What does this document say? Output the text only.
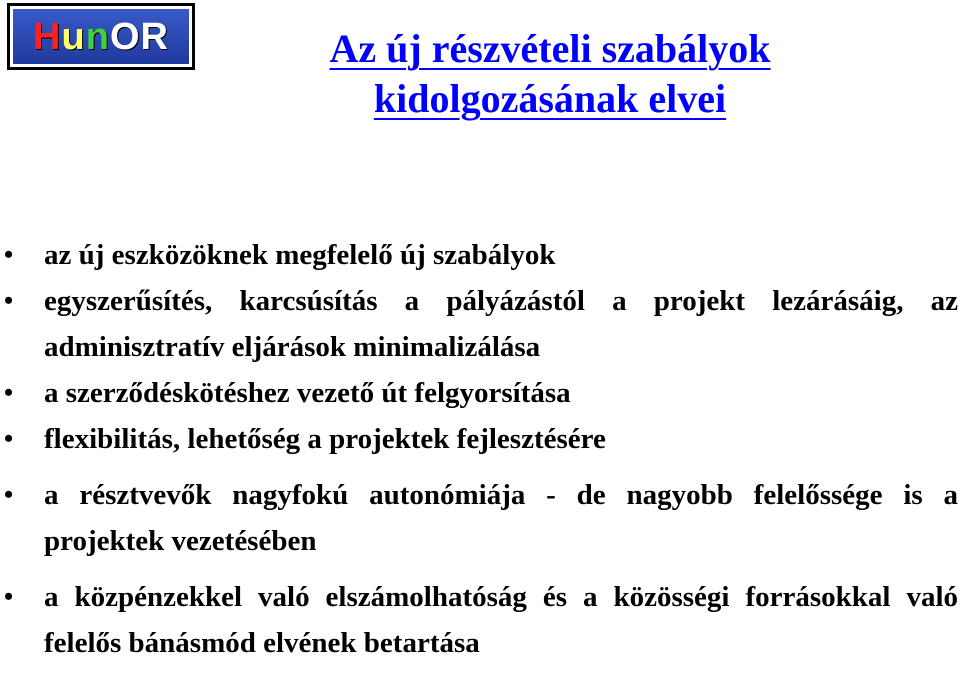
H u n O R	Az új részvételi szabályok
kidolgozásának elvei
• az új eszközöknek megfelelő új szabályok
• egyszerűsítés, karcsúsítás a pályázástól a projekt lezárásáig, az adminisztratív eljárások minimalizálása
• a szerződéskötéshez vezető út felgyorsítása
• flexibilitás, lehetőség a projektek fejlesztésére
• a résztvevők nagyfokú autonómiája - de nagyobb felelőssége is a projektek vezetésében
• a közpénzekkel való elszámolhatóság és a közösségi forrásokkal való felelős bánásmód elvének betartása
